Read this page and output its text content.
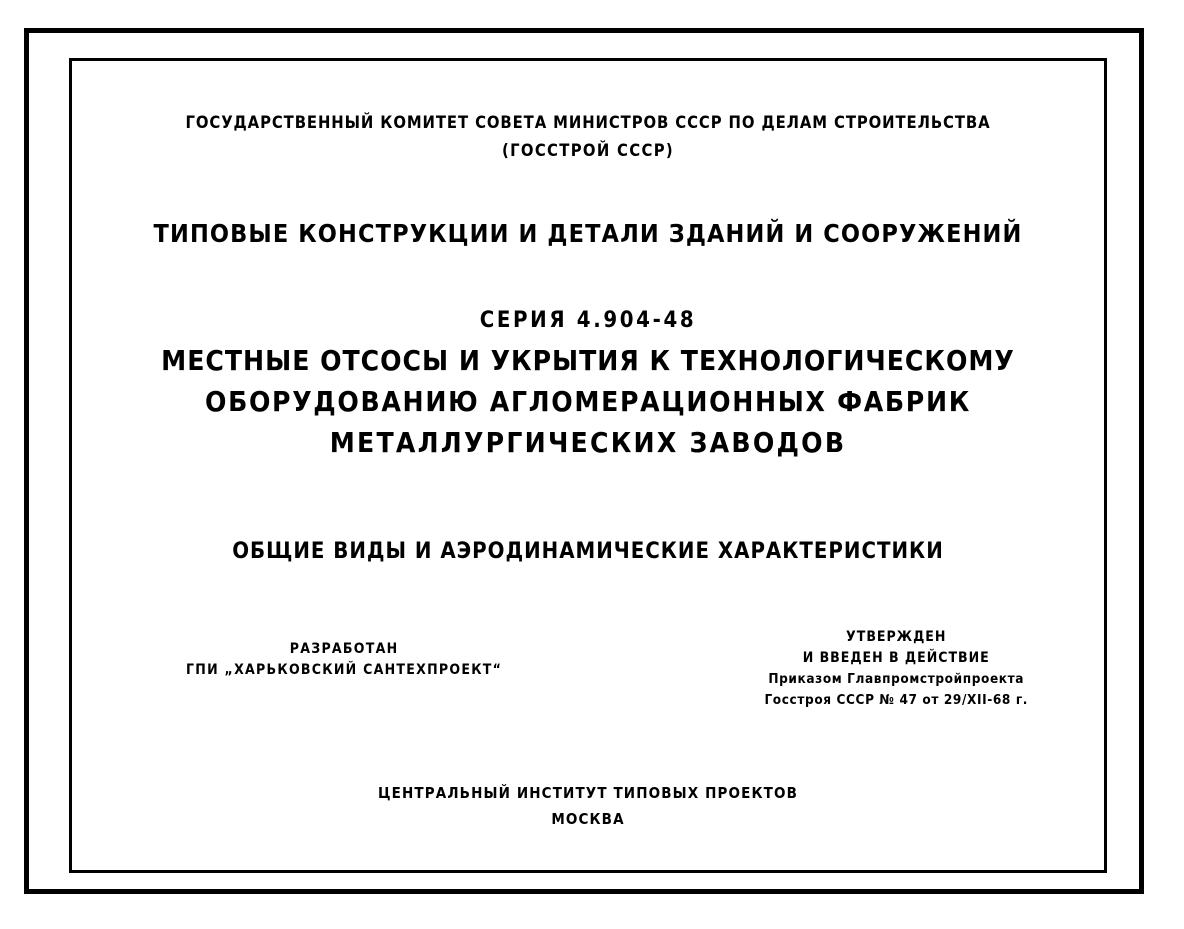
ГОСУДАРСТВЕННЫЙ КОМИТЕТ СОВЕТА МИНИСТРОВ СССР ПО ДЕЛАМ СТРОИТЕЛЬСТВА
(ГОССТРОЙ СССР)
ТИПОВЫЕ КОНСТРУКЦИИ И ДЕТАЛИ ЗДАНИЙ И СООРУЖЕНИЙ
СЕРИЯ 4.904-48
МЕСТНЫЕ ОТСОСЫ И УКРЫТИЯ К ТЕХНОЛОГИЧЕСКОМУ
ОБОРУДОВАНИЮ АГЛОМЕРАЦИОННЫХ ФАБРИК
МЕТАЛЛУРГИЧЕСКИХ ЗАВОДОВ
ОБЩИЕ ВИДЫ И АЭРОДИНАМИЧЕСКИЕ ХАРАКТЕРИСТИКИ
РАЗРАБОТАН
ГПИ „ХАРЬКОВСКИЙ САНТЕХПРОЕКТ“
УТВЕРЖДЕН
И ВВЕДЕН В ДЕЙСТВИЕ
Приказом Главпромстройпроекта
Госстроя СССР № 47 от 29/XII-68 г.
ЦЕНТРАЛЬНЫЙ ИНСТИТУТ ТИПОВЫХ ПРОЕКТОВ
МОСКВА
